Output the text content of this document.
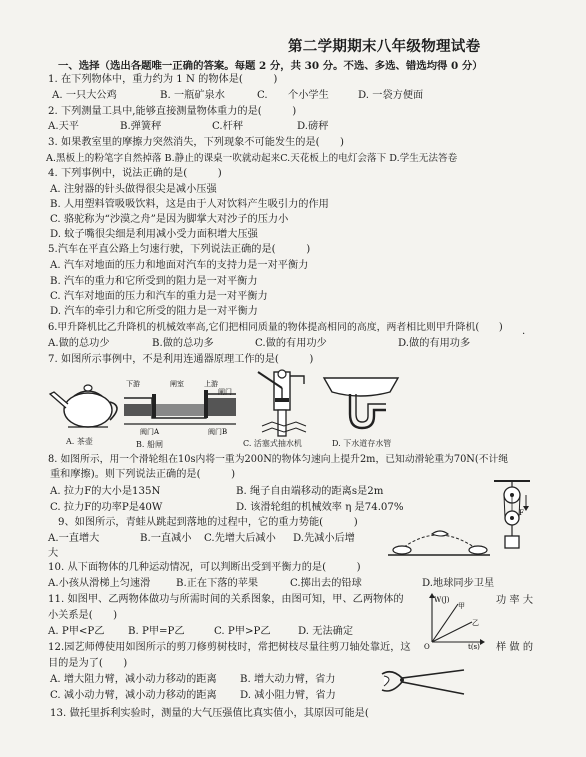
第二学期期末八年级物理试卷
一、选择（选出各题唯一正确的答案。每题 2 分，共 30 分。不选、多选、错选均得 0 分）
1. 在下列物体中，重力约为 1 N 的物体是(　　　)
A. 一只大公鸡	B. 一瓶矿泉水	C.　　个小学生	D. 一袋方便面
2. 下列测量工具中,能够直接测量物体重力的是(　　　)
A.天平	B.弹簧秤	C.杆秤	D.磅秤
3. 如果教室里的摩擦力突然消失，下列现象不可能发生的是(　　)
A.黑板上的粉笔字自然掉落 B.静止的课桌一吹就动起来C.天花板上的电灯会落下 D.学生无法答卷
4. 下列事例中，说法正确的是(　　　)
A. 注射器的针头做得很尖是减小压强
B. 人用塑料管吸吸饮料，这是由于人对饮料产生吸引力的作用
C. 骆驼称为“沙漠之舟”是因为脚掌大对沙子的压力小
D. 蚊子嘴很尖细是利用减小受力面积增大压强
5.汽车在平直公路上匀速行驶，下列说法正确的是(　　　)
A. 汽车对地面的压力和地面对汽车的支持力是一对平衡力
B. 汽车的重力和它所受到的阻力是一对平衡力
C. 汽车对地面的压力和汽车的重力是一对平衡力
D. 汽车的牵引力和它所受的阻力是一对平衡力
6.甲升降机比乙升降机的机械效率高,它们把相同质量的物体提高相同的高度，两者相比则甲升降机(　　) .
A.做的总功少	B.做的总功多	C.做的有用功少	D.做的有用功多
7. 如图所示事例中，不是利用连通器原理工作的是(　　　)
A. 茶壶
下游	闸室	上游
闸门
阀门A	阀门B
B. 船闸	C. 活塞式抽水机	D. 下水道存水管
8. 如图所示，用一个滑轮组在10s内将一重为200N的物体匀速向上提升2m，已知动滑轮重为70N(不计绳
重和摩擦)。则下列说法正确的是(　　　)
A. 拉力F的大小是135N	B. 绳子自由端移动的距离s是2m
C. 拉力F的功率P是40W	D. 该滑轮组的机械效率 η 是74.07%	F
9、如图所示，青蛙从跳起到落地的过程中，它的重力势能(　　　)
A.一直增大	B.一直减小 C.先增大后减小 D.先减小后增
大
10. 从下面物体的几种运动情况，可以判断出受到平衡力的是(　　　)
A.小孩从滑梯上匀速滑	B.正在下落的苹果	C.掷出去的铅球	D.地球同步卫星
11. 如图甲、乙两物体做功与所需时间的关系图象，由图可知，甲、乙两物体的	功 率 大
小关系是(　　)
A. P甲<P乙 B. P甲=P乙	C. P甲>P乙	D. 无法确定
W(J)
t(s)
O
甲
乙
12.园艺师傅使用如图所示的剪刀修剪树枝时，常把树枝尽量往剪刀轴处靠近，这	样 做 的
目的是为了(　　)
A. 增大阻力臂，减小动力移动的距离 B. 增大动力臂，省力
C. 减小动力臂，减小动力移动的距离 D. 减小阻力臂，省力
13. 做托里拆利实验时，测量的大气压强值比真实值小，其原因可能是(
